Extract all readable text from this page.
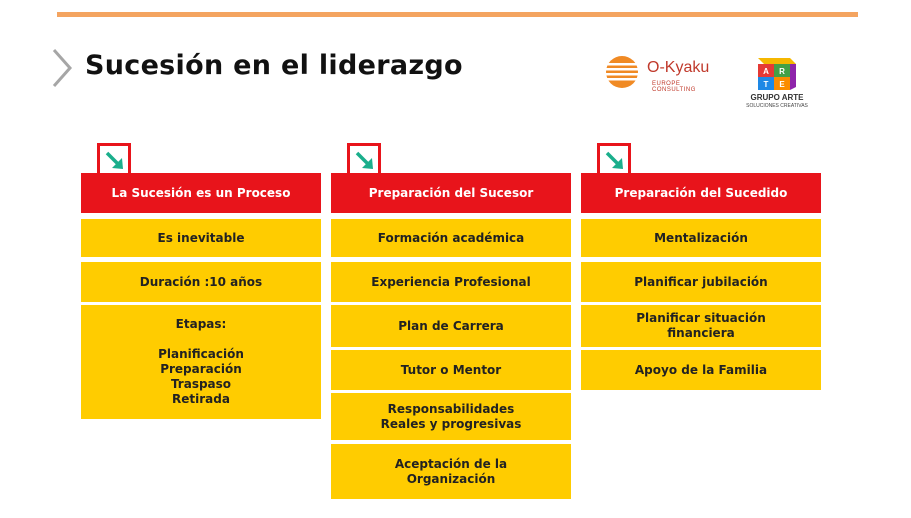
Sucesión en el liderazgo	O-Kyaku
EUROPE CONSULTING
A R
T E
GRUPO ARTE
SOLUCIONES CREATIVAS
La Sucesión es un Proceso
Es inevitable
Duración :10 años
Etapas:

Planificación
Preparación
Traspaso
Retirada
Preparación del Sucesor
Formación académica
Experiencia Profesional
Plan de Carrera
Tutor o Mentor
Responsabilidades
Reales y progresivas
Aceptación de la
Organización
Preparación del Sucedido
Mentalización
Planificar jubilación
Planificar situación
financiera
Apoyo de la Familia
